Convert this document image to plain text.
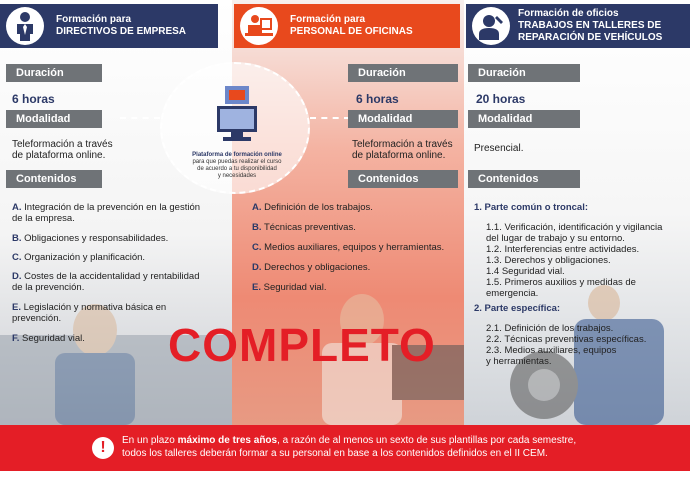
Formación para
DIRECTIVOS DE EMPRESA
Formación para
PERSONAL DE OFICINAS
Formación de oficios
TRABAJOS EN TALLERES DE
REPARACIÓN DE VEHÍCULOS
Plataforma de formación online
para que puedas realizar el curso
de acuerdo a tu disponibilidad
y necesidades
Duración
6 horas
Modalidad
Teleformación a través
de plataforma online.
Contenidos
A. Integración de la prevención en la gestión
de la empresa.
B. Obligaciones y responsabilidades.
C. Organización y planificación.
D. Costes de la accidentalidad y rentabilidad
de la prevención.
E. Legislación y normativa básica en
prevención.
F. Seguridad vial.
Duración
6 horas
Modalidad
Teleformación a través
de plataforma online.
Contenidos
A. Definición de los trabajos.
B. Técnicas preventivas.
C. Medios auxiliares, equipos y herramientas.
D. Derechos y obligaciones.
E. Seguridad vial.
Duración
20 horas
Modalidad
Presencial.
Contenidos
1. Parte común o troncal:
1.1. Verificación, identificación y vigilancia
del lugar de trabajo y su entorno.
1.2. Interferencias entre actividades.
1.3. Derechos y obligaciones.
1.4 Seguridad vial.
1.5. Primeros auxilios y medidas de
emergencia.
2. Parte específica:
2.1. Definición de los trabajos.
2.2. Técnicas preventivas específicas.
2.3. Medios auxiliares, equipos
y herramientas.
COMPLETO
!	En un plazo máximo de tres años, a razón de al menos un sexto de sus plantillas por cada semestre,
todos los talleres deberán formar a su personal en base a los contenidos definidos en el II CEM.
